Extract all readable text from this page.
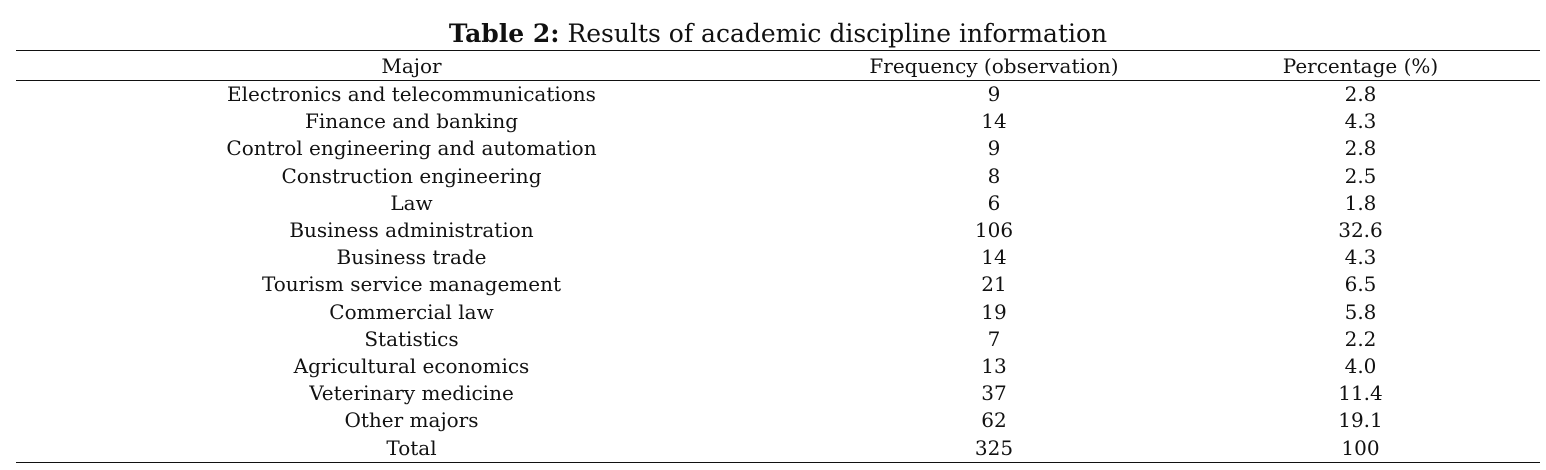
Table 2: Results of academic discipline information
Major	Frequency (observation)	Percentage (%)
Electronics and telecommunications	9	2.8
Finance and banking	14	4.3
Control engineering and automation	9	2.8
Construction engineering	8	2.5
Law	6	1.8
Business administration	106	32.6
Business trade	14	4.3
Tourism service management	21	6.5
Commercial law	19	5.8
Statistics	7	2.2
Agricultural economics	13	4.0
Veterinary medicine	37	11.4
Other majors	62	19.1
Total	325	100
